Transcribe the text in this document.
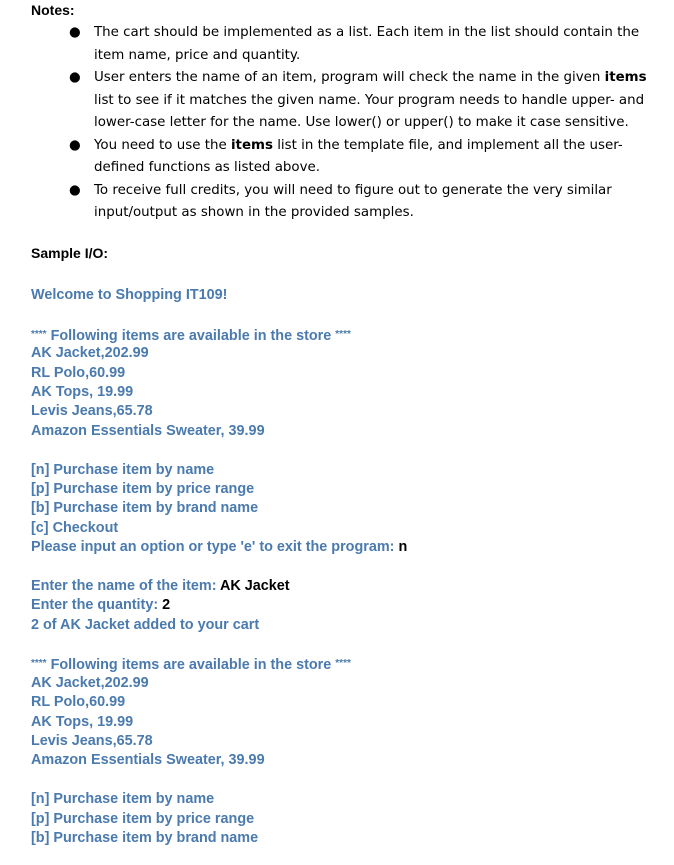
Notes:
● The cart should be implemented as a list. Each item in the list should contain the item name, price and quantity.
● User enters the name of an item, program will check the name in the given items list to see if it matches the given name. Your program needs to handle upper- and lower-case letter for the name. Use lower() or upper() to make it case sensitive.
● You need to use the items list in the template file, and implement all the user-defined functions as listed above.
● To receive full credits, you will need to figure out to generate the very similar input/output as shown in the provided samples.
Sample I/O:
Welcome to Shopping IT109!
**** Following items are available in the store ****
AK Jacket,202.99
RL Polo,60.99
AK Tops, 19.99
Levis Jeans,65.78
Amazon Essentials Sweater, 39.99
[n] Purchase item by name
[p] Purchase item by price range
[b] Purchase item by brand name
[c] Checkout
Please input an option or type 'e' to exit the program: n
Enter the name of the item: AK Jacket
Enter the quantity: 2
2 of AK Jacket added to your cart
**** Following items are available in the store ****
AK Jacket,202.99
RL Polo,60.99
AK Tops, 19.99
Levis Jeans,65.78
Amazon Essentials Sweater, 39.99
[n] Purchase item by name
[p] Purchase item by price range
[b] Purchase item by brand name
